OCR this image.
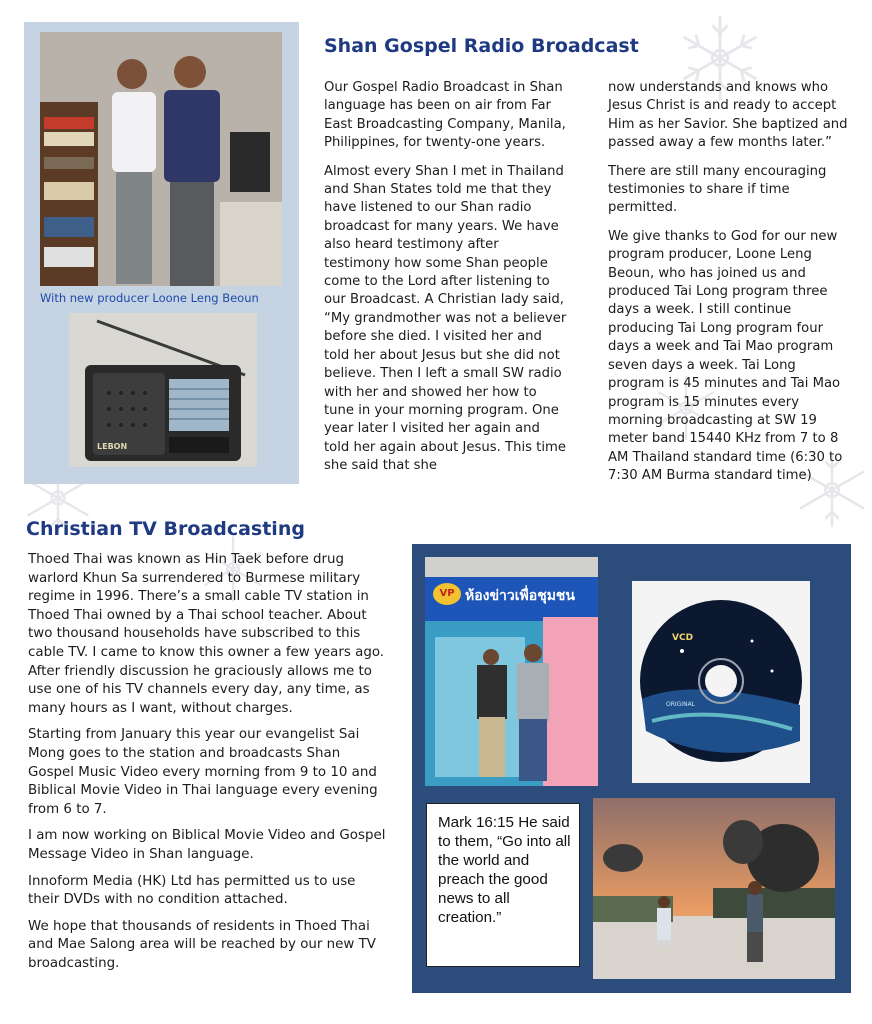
With new producer Loone Leng Beoun
LEBON
Shan Gospel Radio Broadcast

Our Gospel Radio Broadcast in Shan language has been on air from Far East Broadcasting Company, Manila, Philippines, for twenty-one years.

Almost every Shan I met in Thailand and Shan States told me that they have listened to our Shan radio broadcast for many years. We have also heard testimony after testimony how some Shan people come to the Lord after listening to our Broadcast. A Christian lady said, “My grandmother was not a believer before she died. I visited her and told her about Jesus but she did not believe. Then I left a small SW radio with her and showed her how to tune in your morning program. One year later I visited her again and told her again about Jesus. This time she said that she

now understands and knows who Jesus Christ is and ready to accept Him as her Savior. She baptized and passed away a few months later.”

There are still many encouraging testimonies to share if time permitted.

We give thanks to God for our new program producer, Loone Leng Beoun, who has joined us and produced Tai Long program three days a week. I still continue producing Tai Long program four days a week and Tai Mao program seven days a week. Tai Long program is 45 minutes and Tai Mao program is 15 minutes every morning broadcasting at SW 19 meter band 15440 KHz from 7 to 8 AM Thailand standard time (6:30 to 7:30 AM Burma standard time)

Christian TV Broadcasting

Thoed Thai was known as Hin Taek before drug warlord Khun Sa surrendered to Burmese military regime in 1996. There’s a small cable TV station in Thoed Thai owned by a Thai school teacher. About two thousand households have subscribed to this cable TV. I came to know this owner a few years ago. After friendly discussion he graciously allows me to use one of his TV channels every day, any time, as many hours as I want, without charges.

Starting from January this year our evangelist Sai Mong goes to the station and broadcasts Shan Gospel Music Video every morning from 9 to 10 and Biblical Movie Video in Thai language every evening from 6 to 7.

I am now working on Biblical Movie Video and Gospel Message Video in Shan language.

Innoform Media (HK) Ltd has permitted us to use their DVDs with no condition attached.

We hope that thousands of residents in Thoed Thai and Mae Salong area will be reached by our new TV broadcasting.

VP ห้องข่าวเพื่อชุมชน
VCD
ORIGINAL
Mark 16:15 He said to them, “Go into all the world and preach the good news to all creation.”
